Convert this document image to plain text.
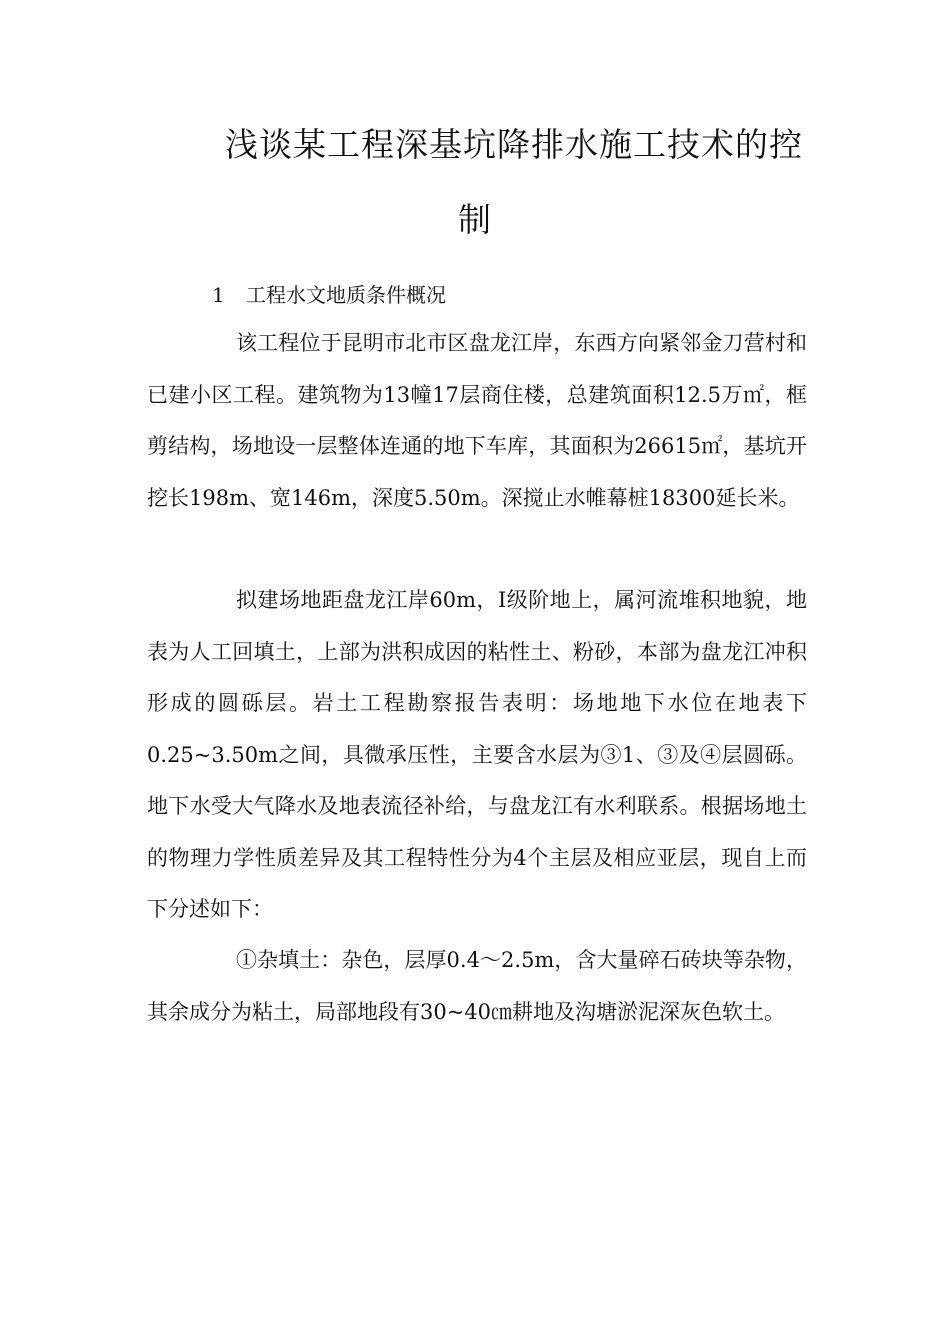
浅谈某工程深基坑降排水施工技术的控
制
1 工程水文地质条件概况

该工程位于昆明市北市区盘龙江岸，东西方向紧邻金刀营村和已建小区工程。建筑物为13幢17层商住楼，总建筑面积12.5万㎡，框剪结构，场地设一层整体连通的地下车库，其面积为26615㎡，基坑开挖长198m、宽146m，深度5.50m。深搅止水帷幕桩18300延长米。

拟建场地距盘龙江岸60m，Ⅰ级阶地上，属河流堆积地貌，地表为人工回填土，上部为洪积成因的粘性土、粉砂，本部为盘龙江冲积形成的圆砾层。岩土工程勘察报告表明：场地地下水位在地表下0.25~3.50m之间，具微承压性，主要含水层为③1、③及④层圆砾。地下水受大气降水及地表流径补给，与盘龙江有水利联系。根据场地土的物理力学性质差异及其工程特性分为4个主层及相应亚层，现自上而下分述如下：

①杂填土：杂色，层厚0.4～2.5m，含大量碎石砖块等杂物，其余成分为粘土，局部地段有30~40㎝耕地及沟塘淤泥深灰色软土。
